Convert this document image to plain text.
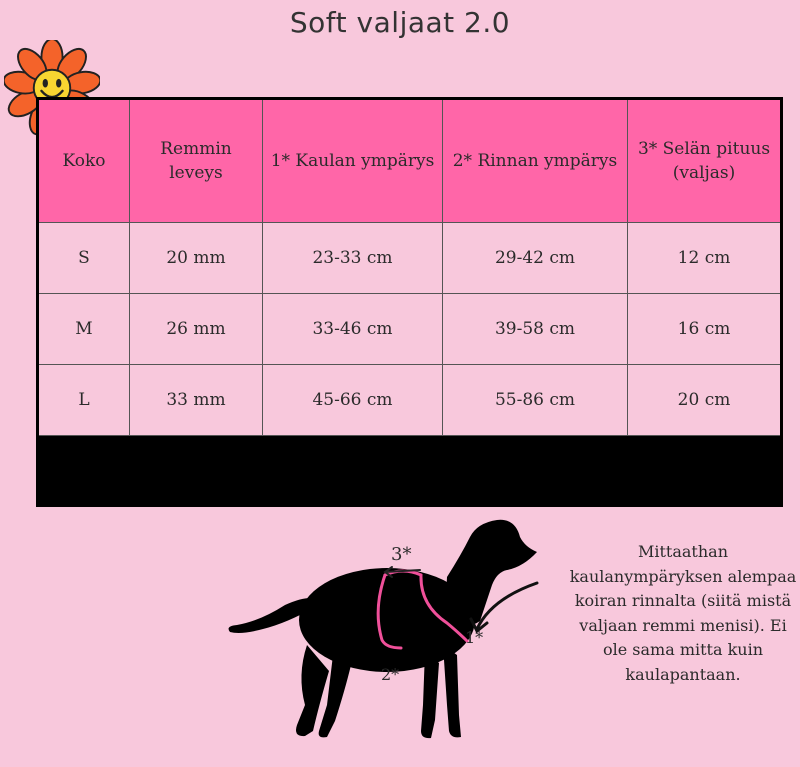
Soft valjaat 2.0
Koko	Remmin leveys	1* Kaulan ympärys	2* Rinnan ympärys	3* Selän pituus (valjas)
S	20 mm	23-33 cm	29-42 cm	12 cm
M	26 mm	33-46 cm	39-58 cm	16 cm
L	33 mm	45-66 cm	55-86 cm	20 cm

3*
1*
2*
Mittaathan kaulanympäryksen alempaa koiran rinnalta (siitä mistä valjaan remmi menisi). Ei ole sama mitta kuin kaulapantaan.
